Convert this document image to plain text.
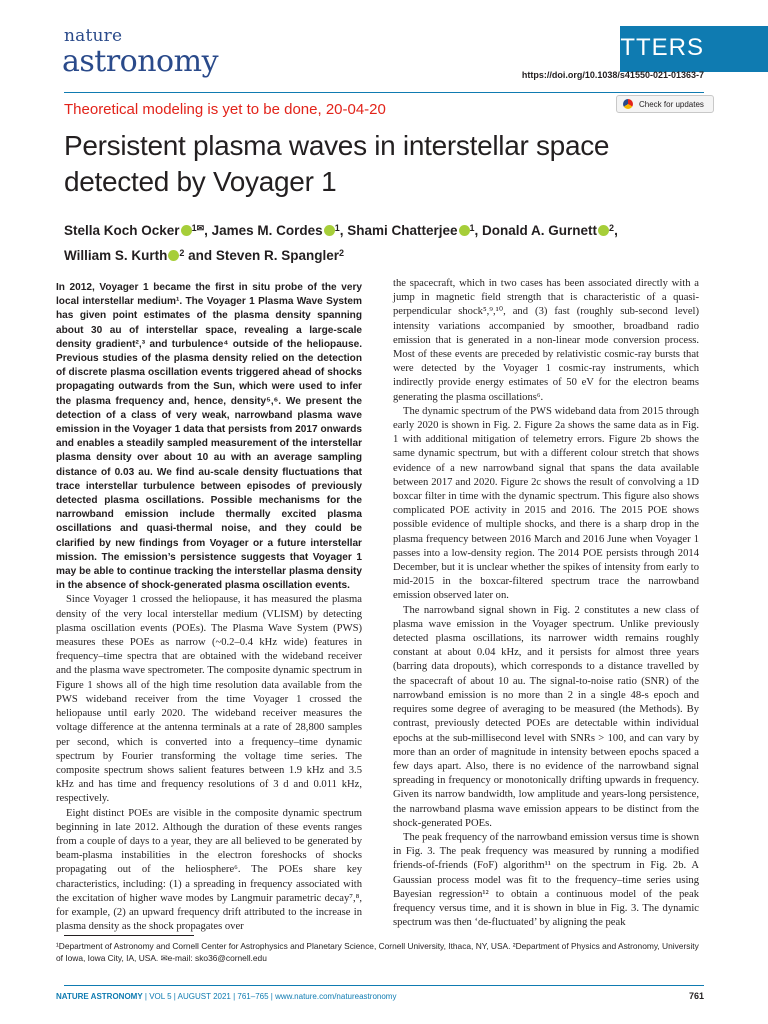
nature
astronomy	LETTERS
https://doi.org/10.1038/s41550-021-01363-7
Theoretical modeling is yet to be done, 20-04-20	Check for updates
Persistent plasma waves in interstellar space detected by Voyager 1
Stella Koch Ocker $^{1✉}$, James M. Cordes $^1$, Shami Chatterjee $^1$, Donald A. Gurnett $^2$,
William S. Kurth $^2$ and Steven R. Spangler$^2$

In 2012, Voyager 1 became the first in situ probe of the very local interstellar medium¹. The Voyager 1 Plasma Wave System has given point estimates of the plasma density spanning about 30 au of interstellar space, revealing a large-scale density gradient²,³ and turbulence⁴ outside of the heliopause. Previous studies of the plasma density relied on the detection of discrete plasma oscillation events triggered ahead of shocks propagating outwards from the Sun, which were used to infer the plasma frequency and, hence, density⁵,⁶. We present the detection of a class of very weak, narrowband plasma wave emission in the Voyager 1 data that persists from 2017 onwards and enables a steadily sampled measurement of the interstellar plasma density over about 10 au with an average sampling distance of 0.03 au. We find au-scale density fluctuations that trace interstellar turbulence between episodes of previously detected plasma oscillations. Possible mechanisms for the narrowband emission include thermally excited plasma oscillations and quasi-thermal noise, and they could be clarified by new findings from Voyager or a future interstellar mission. The emission’s persistence suggests that Voyager 1 may be able to continue tracking the interstellar plasma density in the absence of shock-generated plasma oscillation events.

Since Voyager 1 crossed the heliopause, it has measured the plasma density of the very local interstellar medium (VLISM) by detecting plasma oscillation events (POEs). The Plasma Wave System (PWS) measures these POEs as narrow (~0.2–0.4 kHz wide) features in frequency–time spectra that are obtained with the wideband receiver and the plasma wave spectrometer. The composite dynamic spectrum in Figure 1 shows all of the high time resolution data available from the PWS wideband receiver from the time Voyager 1 crossed the heliopause until early 2020. The wideband receiver measures the voltage difference at the antenna terminals at a rate of 28,800 samples per second, which is converted into a frequency–time dynamic spectrum by Fourier transforming the voltage time series. The composite spectrum shows salient features between 1.9 kHz and 3.5 kHz and has time and frequency resolutions of 3 d and 0.011 kHz, respectively.

Eight distinct POEs are visible in the composite dynamic spectrum beginning in late 2012. Although the duration of these events ranges from a couple of days to a year, they are all believed to be generated by beam-plasma instabilities in the electron foreshocks of shocks propagating out of the heliosphere⁶. The POEs share key characteristics, including: (1) a spreading in frequency associated with the excitation of higher wave modes by Langmuir parametric decay⁷,⁸, for example, (2) an upward frequency drift attributed to the increase in plasma density as the shock propagates over

the spacecraft, which in two cases has been associated directly with a jump in magnetic field strength that is characteristic of a quasi-perpendicular shock⁵,⁹,¹⁰, and (3) fast (roughly sub-second level) intensity variations accompanied by smoother, broadband radio emission that is generated in a non-linear mode conversion process. Most of these events are preceded by relativistic cosmic-ray bursts that were detected by the Voyager 1 cosmic-ray instruments, which indirectly provide energy estimates of 50 eV for the electron beams generating the plasma oscillations⁶.

The dynamic spectrum of the PWS wideband data from 2015 through early 2020 is shown in Fig. 2. Figure 2a shows the same data as in Fig. 1 with additional mitigation of telemetry errors. Figure 2b shows the same dynamic spectrum, but with a different colour stretch that shows evidence of a new narrowband signal that spans the data available between 2017 and 2020. Figure 2c shows the result of convolving a 1D boxcar filter in time with the dynamic spectrum. This figure also shows complicated POE activity in 2015 and 2016. The 2015 POE shows possible evidence of multiple shocks, and there is a sharp drop in the plasma frequency between 2016 March and 2016 June when Voyager 1 passes into a low-density region. The 2014 POE persists through 2014 December, but it is unclear whether the spikes of intensity from early to mid-2015 in the boxcar-filtered spectrum trace the narrowband emission observed later on.

The narrowband signal shown in Fig. 2 constitutes a new class of plasma wave emission in the Voyager spectrum. Unlike previously detected plasma oscillations, its narrower width remains roughly constant at about 0.04 kHz, and it persists for almost three years (barring data dropouts), which corresponds to a distance travelled by the spacecraft of about 10 au. The signal-to-noise ratio (SNR) of the narrowband emission is no more than 2 in a single 48-s epoch and requires some degree of averaging to be measured (the Methods). By contrast, previously detected POEs are detectable within individual epochs at the sub-millisecond level with SNRs > 100, and can vary by more than an order of magnitude in intensity between epochs spaced a few days apart. Also, there is no evidence of the narrowband signal spreading in frequency or monotonically drifting upwards in frequency. Given its narrow bandwidth, low amplitude and years-long persistence, the narrowband plasma wave emission appears to be distinct from the shock-generated POEs.

The peak frequency of the narrowband emission versus time is shown in Fig. 3. The peak frequency was measured by running a modified friends-of-friends (FoF) algorithm¹¹ on the spectrum in Fig. 2b. A Gaussian process model was fit to the frequency–time series using Bayesian regression¹² to obtain a continuous model of the peak frequency versus time, and it is shown in blue in Fig. 3. The dynamic spectrum was then ‘de-fluctuated’ by aligning the peak

¹Department of Astronomy and Cornell Center for Astrophysics and Planetary Science, Cornell University, Ithaca, NY, USA. ²Department of Physics and Astronomy, University of Iowa, Iowa City, IA, USA. ✉e-mail: sko36@cornell.edu
NATURE ASTRONOMY | VOL 5 | AUGUST 2021 | 761–765 | www.nature.com/natureastronomy	761
